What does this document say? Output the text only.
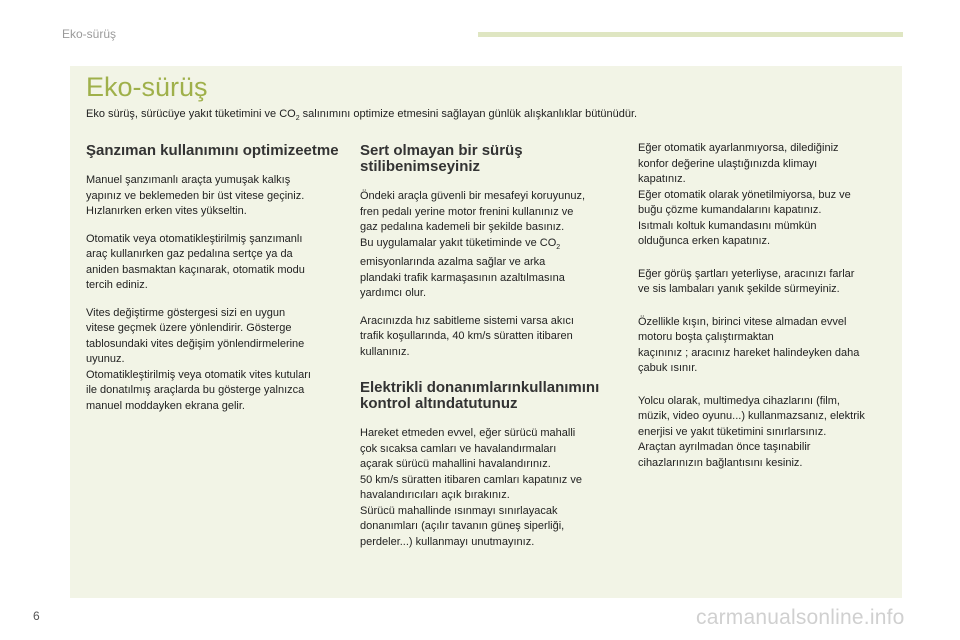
Eko-sürüş
Eko-sürüş
Eko sürüş, sürücüye yakıt tüketimini ve $CO_2$ salınımını optimize etmesini sağlayan günlük alışkanlıklar bütünüdür.
Şanzıman kullanımını optimizeetme

Manuel şanzımanlı araçta yumuşak kalkış
yapınız ve beklemeden bir üst vitese geçiniz.
Hızlanırken erken vites yükseltin.

Otomatik veya otomatikleştirilmiş şanzımanlı
araç kullanırken gaz pedalına sertçe ya da
aniden basmaktan kaçınarak, otomatik modu
tercih ediniz.

Vites değiştirme göstergesi sizi en uygun
vitese geçmek üzere yönlendirir. Gösterge
tablosundaki vites değişim yönlendirmelerine
uyunuz.
Otomatikleştirilmiş veya otomatik vites kutuları
ile donatılmış araçlarda bu gösterge yalnızca
manuel moddayken ekrana gelir.

Sert olmayan bir sürüş stilibenimseyiniz

Öndeki araçla güvenli bir mesafeyi koruyunuz,
fren pedalı yerine motor frenini kullanınız ve
gaz pedalına kademeli bir şekilde basınız.
Bu uygulamalar yakıt tüketiminde ve $CO_2$
emisyonlarında azalma sağlar ve arka
plandaki trafik karmaşasının azaltılmasına
yardımcı olur.

Aracınızda hız sabitleme sistemi varsa akıcı
trafik koşullarında, 40 km/s süratten itibaren
kullanınız.

Elektrikli donanımlarınkullanımını kontrol altındatutunuz

Hareket etmeden evvel, eğer sürücü mahalli
çok sıcaksa camları ve havalandırmaları
açarak sürücü mahallini havalandırınız.
50 km/s süratten itibaren camları kapatınız ve
havalandırıcıları açık bırakınız.
Sürücü mahallinde ısınmayı sınırlayacak
donanımları (açılır tavanın güneş siperliği,
perdeler...) kullanmayı unutmayınız.

Eğer otomatik ayarlanmıyorsa, dilediğiniz
konfor değerine ulaştığınızda klimayı
kapatınız.
Eğer otomatik olarak yönetilmiyorsa, buz ve
buğu çözme kumandalarını kapatınız.
Isıtmalı koltuk kumandasını mümkün
olduğunca erken kapatınız.

Eğer görüş şartları yeterliyse, aracınızı farlar
ve sis lambaları yanık şekilde sürmeyiniz.

Özellikle kışın, birinci vitese almadan evvel
motoru boşta çalıştırmaktan
kaçınınız ; aracınız hareket halindeyken daha
çabuk ısınır.

Yolcu olarak, multimedya cihazlarını (film,
müzik, video oyunu...) kullanmazsanız, elektrik
enerjisi ve yakıt tüketimini sınırlarsınız.
Araçtan ayrılmadan önce taşınabilir
cihazlarınızın bağlantısını kesiniz.

6	carmanualsonline.info
